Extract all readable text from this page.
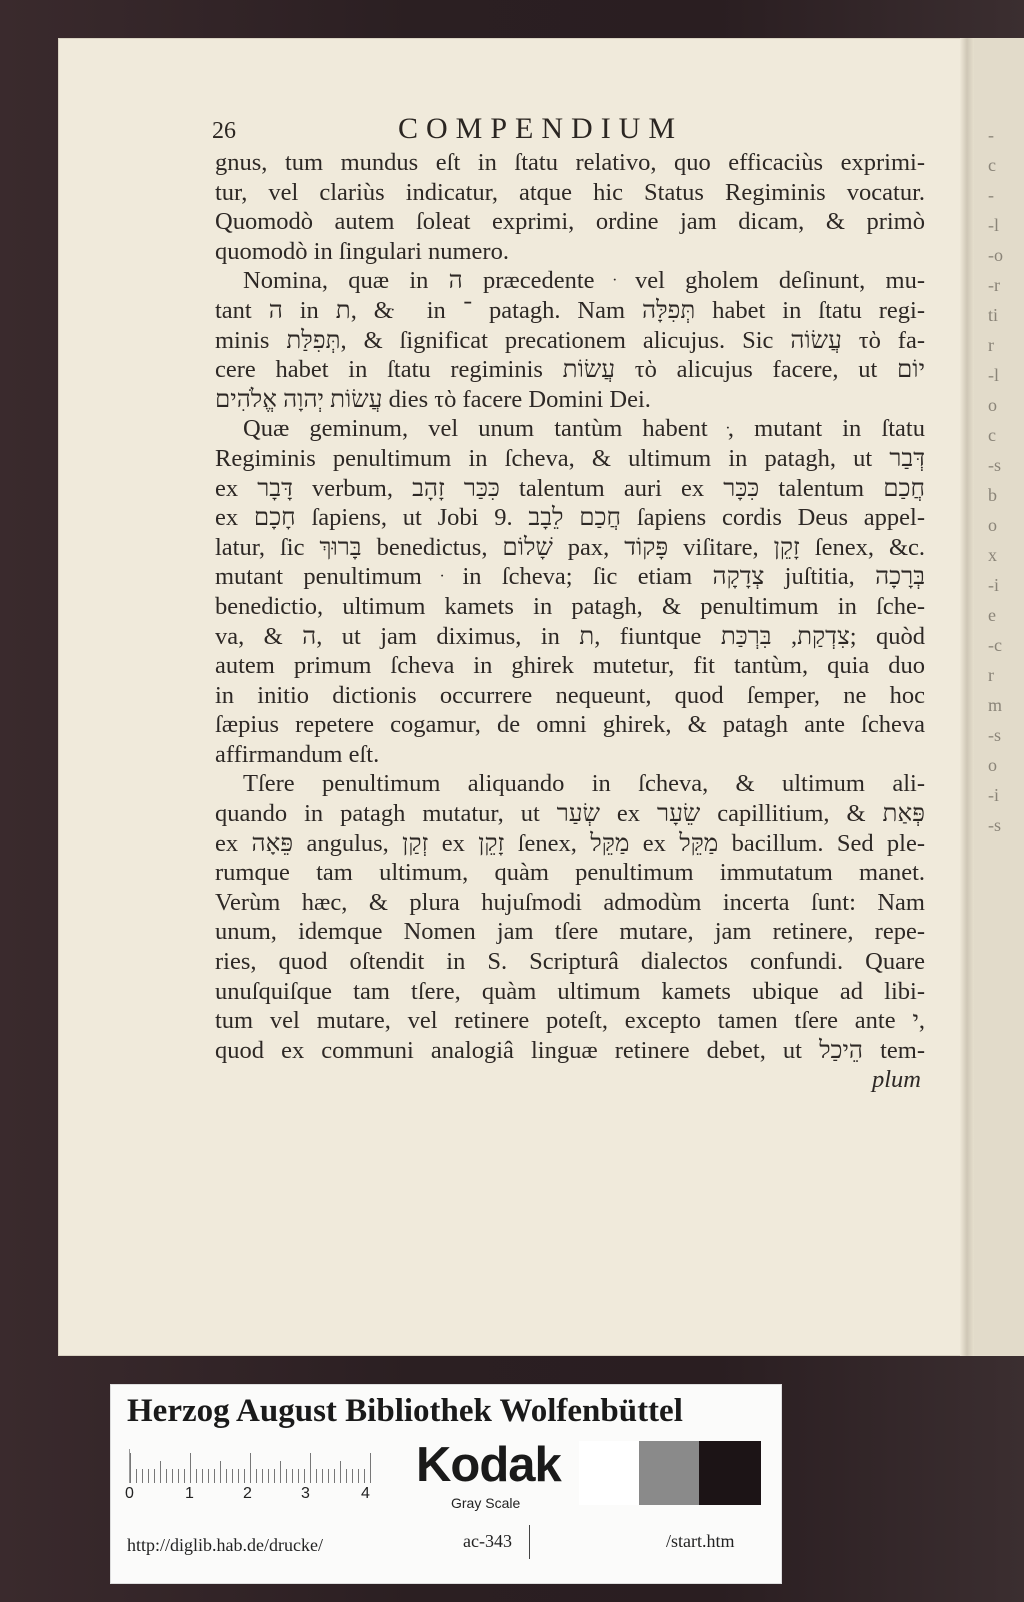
-
c
-
-l
-o
-r
ti
r
-l
o
c
-s
b
o
x
-i
e
-c
r
m
-s
o
-i
-s

26	COMPENDIUM
gnus, tum mundus eſt in ſtatu relativo, quo efficaciùs exprimi-
tur, vel clariùs indicatur, atque hic Status Regiminis vocatur.
Quomodò autem ſoleat exprimi, ordine jam dicam, & primò
quomodò in ſingulari numero.
Nomina, quæ in ה præcedente ּ vel gholem deſinunt, mu-
tant ה in ת, & ּ in ־ patagh. Nam תְּפִלָּה habet in ſtatu regi-
minis תְּפִלַּת, & ſignificat precationem alicujus. Sic עֲשׂוֹה τὸ fa-
cere habet in ſtatu regiminis עֲשׂוֹת τὸ alicujus facere, ut יוֹם
עֲשׂוֹת יְהוָה אֱלֹהִים dies τὸ facere Domini Dei.
Quæ geminum, vel unum tantùm habent ּ, mutant in ſtatu
Regiminis penultimum in ſcheva, & ultimum in patagh, ut דְּבַר
ex דָּבָר verbum, כִּכַּר זָהָב talentum auri ex כִּכָּר talentum חֲכַם
ex חָכָם ſapiens, ut Jobi 9. חֲכַם לֵבָב ſapiens cordis Deus appel-
latur, ſic בָּרוּךְ benedictus, שָׁלוֹם pax, פָּקוֹד viſitare, זָקֵן ſenex, &c.
mutant penultimum ּ in ſcheva; ſic etiam צְדָקָה juſtitia, בְּרָכָה
benedictio, ultimum kamets in patagh, & penultimum in ſche-
va, & ה, ut jam diximus, in ת, fiuntque צִדְקַת, בִּרְכַּת; quòd
autem primum ſcheva in ghirek mutetur, fit tantùm, quia duo
in initio dictionis occurrere nequeunt, quod ſemper, ne hoc
ſæpius repetere cogamur, de omni ghirek, & patagh ante ſcheva
affirmandum eſt.
Tſere penultimum aliquando in ſcheva, & ultimum ali-
quando in patagh mutatur, ut שְׂעַר ex שֵׂעָר capillitium, & פְּאַת
ex פֵּאָה angulus, זְקַן ex זָקֵן ſenex, מַקֵּל ex מַקֵּל bacillum. Sed ple-
rumque tam ultimum, quàm penultimum immutatum manet.
Verùm hæc, & plura hujuſmodi admodùm incerta ſunt: Nam
unum, idemque Nomen jam tſere mutare, jam retinere, repe-
ries, quod oſtendit in S. Scripturâ dialectos confundi. Quare
unuſquiſque tam tſere, quàm ultimum kamets ubique ad libi-
tum vel mutare, vel retinere poteſt, excepto tamen tſere ante י,
quod ex communi analogiâ linguæ retinere debet, ut הֵיכַל tem-
plum
Herzog August Bibliothek Wolfenbüttel
0	1	2	3	4
Kodak
Gray Scale
http://diglib.hab.de/drucke/	ac-343	/start.htm
